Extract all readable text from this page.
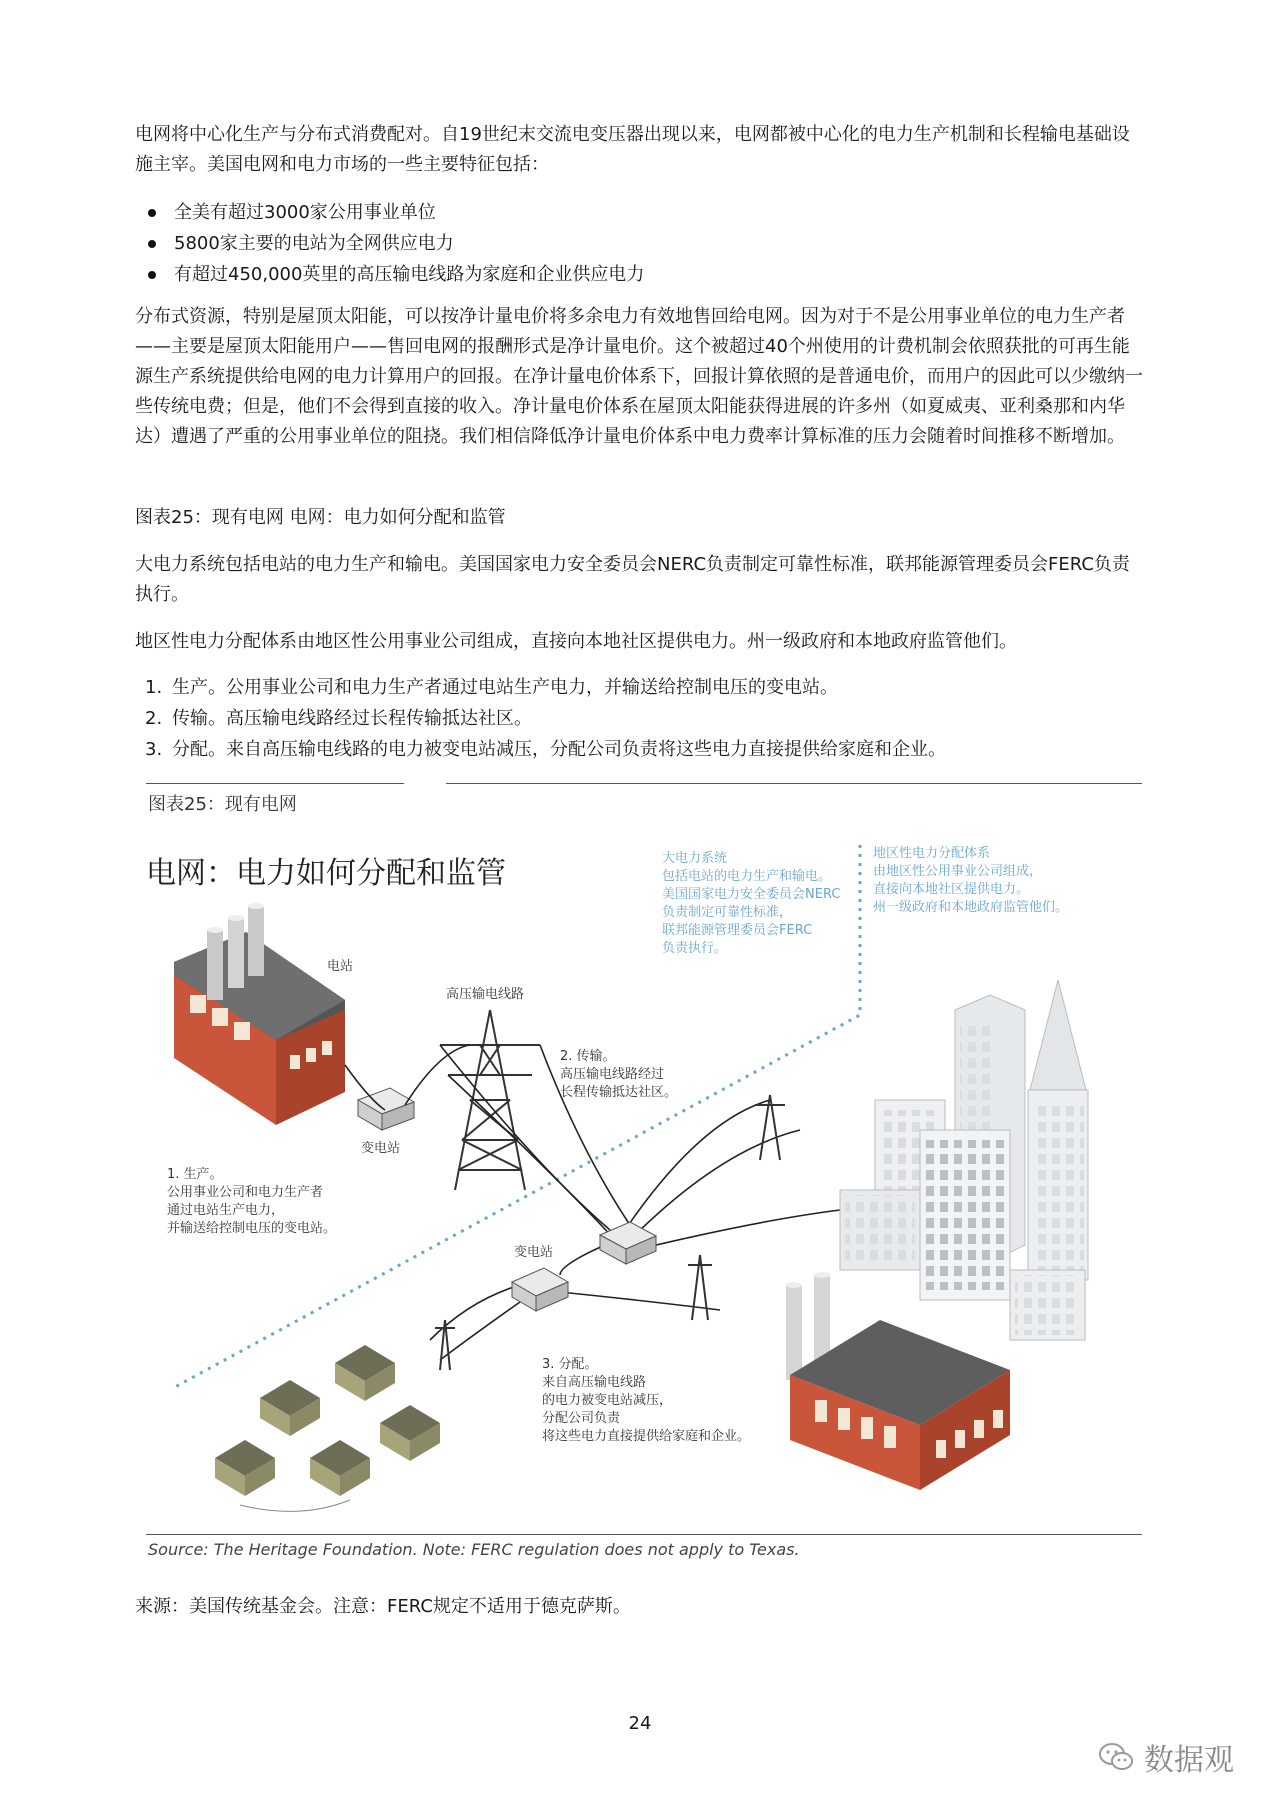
电网将中心化生产与分布式消费配对。自19世纪末交流电变压器出现以来，电网都被中心化的电力生产机制和长程输电基础设施主宰。美国电网和电力市场的一些主要特征包括：

全美有超过3000家公用事业单位
5800家主要的电站为全网供应电力
有超过450,000英里的高压输电线路为家庭和企业供应电力

分布式资源，特别是屋顶太阳能，可以按净计量电价将多余电力有效地售回给电网。因为对于不是公用事业单位的电力生产者——主要是屋顶太阳能用户——售回电网的报酬形式是净计量电价。这个被超过40个州使用的计费机制会依照获批的可再生能源生产系统提供给电网的电力计算用户的回报。在净计量电价体系下，回报计算依照的是普通电价，而用户的因此可以少缴纳一些传统电费；但是，他们不会得到直接的收入。净计量电价体系在屋顶太阳能获得进展的许多州（如夏威夷、亚利桑那和内华达）遭遇了严重的公用事业单位的阻挠。我们相信降低净计量电价体系中电力费率计算标准的压力会随着时间推移不断增加。

图表25：现有电网 电网：电力如何分配和监管

大电力系统包括电站的电力生产和输电。美国国家电力安全委员会NERC负责制定可靠性标准，联邦能源管理委员会FERC负责执行。

地区性电力分配体系由地区性公用事业公司组成，直接向本地社区提供电力。州一级政府和本地政府监管他们。

1. 生产。公用事业公司和电力生产者通过电站生产电力，并输送给控制电压的变电站。
2. 传输。高压输电线路经过长程传输抵达社区。
3. 分配。来自高压输电线路的电力被变电站减压，分配公司负责将这些电力直接提供给家庭和企业。
图表25：现有电网
电网：电力如何分配和监管	大电力系统
包括电站的电力生产和输电。
美国国家电力安全委员会NERC
负责制定可靠性标准，
联邦能源管理委员会FERC
负责执行。
地区性电力分配体系
由地区性公用事业公司组成，
直接向本地社区提供电力。
州一级政府和本地政府监管他们。
电站
高压输电线路
变电站
变电站
1. 生产。
公用事业公司和电力生产者
通过电站生产电力，
并输送给控制电压的变电站。
2. 传输。
高压输电线路经过
长程传输抵达社区。
3. 分配。
来自高压输电线路
的电力被变电站减压，
分配公司负责
将这些电力直接提供给家庭和企业。
Source: The Heritage Foundation. Note: FERC regulation does not apply to Texas.
来源：美国传统基金会。注意：FERC规定不适用于德克萨斯。
24
数据观
